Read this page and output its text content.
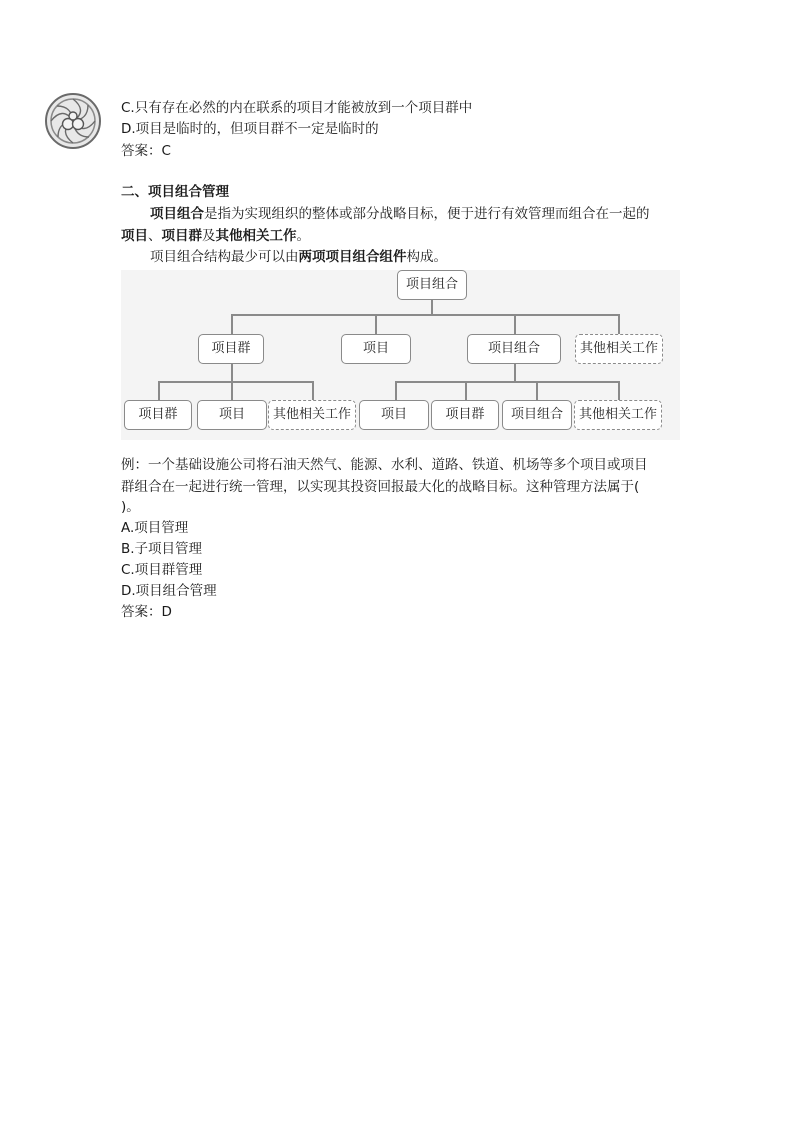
C.只有存在必然的内在联系的项目才能被放到一个项目群中
D.项目是临时的，但项目群不一定是临时的
答案：C
二、项目组合管理
项目组合是指为实现组织的整体或部分战略目标，便于进行有效管理而组合在一起的
项目、项目群及其他相关工作。
项目组合结构最少可以由两项项目组合组件构成。
项目组合
项目群	项目	项目组合	其他相关工作
项目群	项目	其他相关工作	项目	项目群	项目组合	其他相关工作
例：一个基础设施公司将石油天然气、能源、水利、道路、铁道、机场等多个项目或项目
群组合在一起进行统一管理，以实现其投资回报最大化的战略目标。这种管理方法属于(
)。
A.项目管理
B.子项目管理
C.项目群管理
D.项目组合管理
答案：D
